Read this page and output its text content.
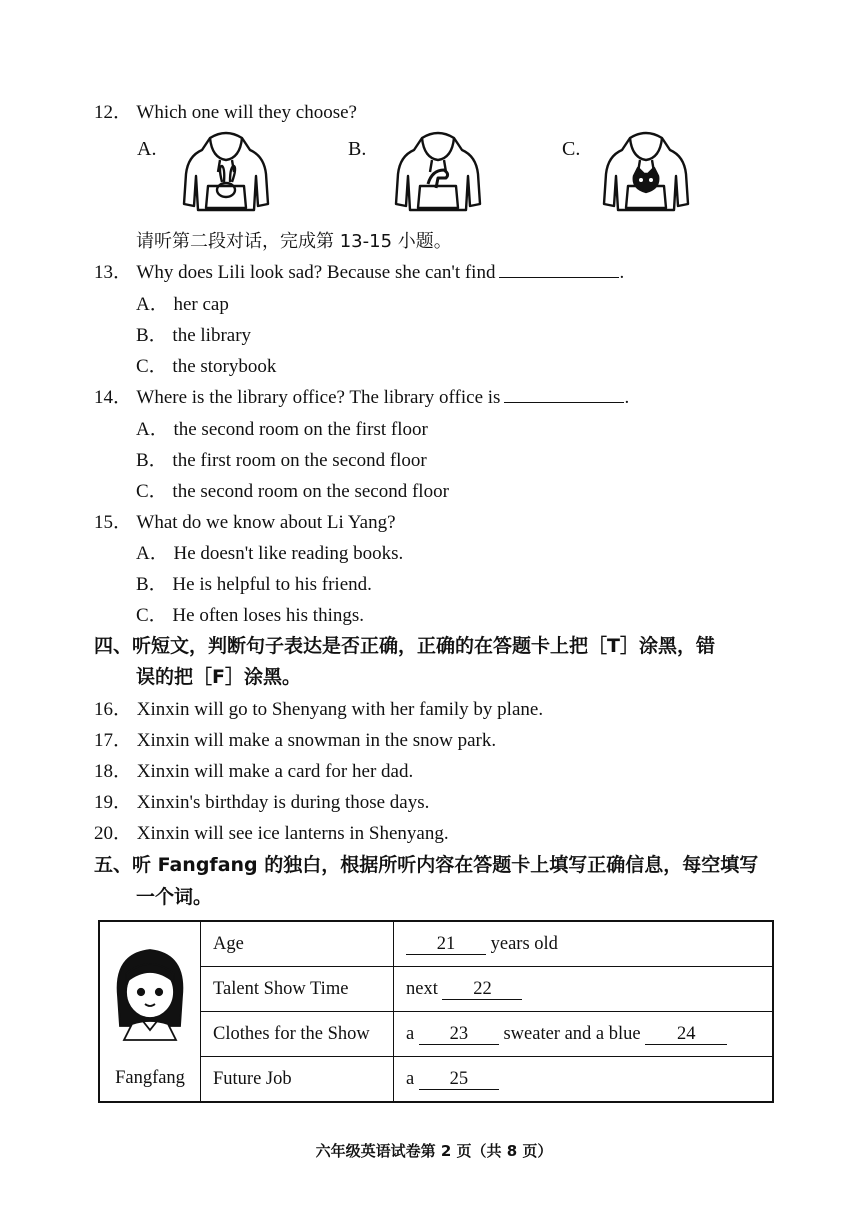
12． Which one will they choose?
A.	B.	C.
请听第二段对话，完成第 13-15 小题。
13． Why does Lili look sad? Because she can't find	.
A． her cap
B． the library
C． the storybook
14． Where is the library office? The library office is	.
A． the second room on the first floor
B． the first room on the second floor
C． the second room on the second floor
15． What do we know about Li Yang?
A． He doesn't like reading books.
B． He is helpful to his friend.
C． He often loses his things.
四、听短文，判断句子表达是否正确，正确的在答题卡上把［T］涂黑，错
误的把［F］涂黑。
16． Xinxin will go to Shenyang with her family by plane.
17． Xinxin will make a snowman in the snow park.
18． Xinxin will make a card for her dad.
19． Xinxin's birthday is during those days.
20． Xinxin will see ice lanterns in Shenyang.
五、听 Fangfang 的独白，根据所听内容在答题卡上填写正确信息，每空填写
一个词。
Fangfang	Age	21 years old
	Talent Show Time	next 22
	Clothes for the Show	a 23 sweater and a blue 24
	Future Job	a 25
六年级英语试卷第 2 页（共 8 页）
